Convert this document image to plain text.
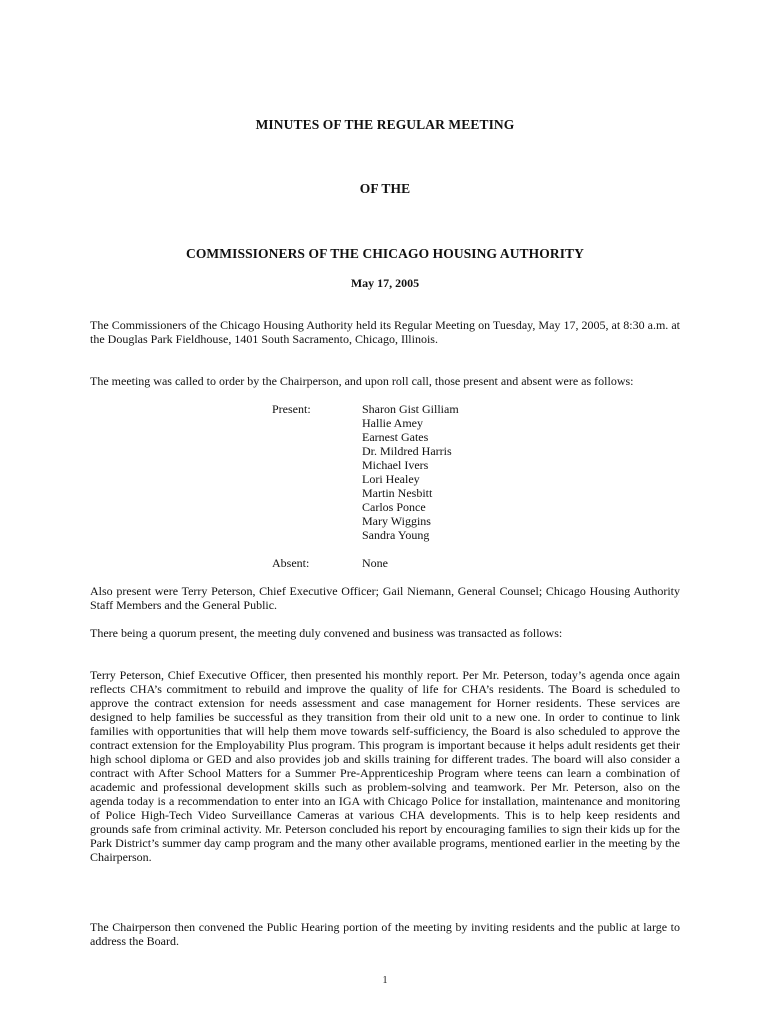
MINUTES OF THE REGULAR MEETING
OF THE
COMMISSIONERS OF THE CHICAGO HOUSING AUTHORITY
May 17, 2005
The Commissioners of the Chicago Housing Authority held its Regular Meeting on Tuesday, May 17, 2005, at 8:30 a.m. at the Douglas Park Fieldhouse, 1401 South Sacramento, Chicago, Illinois.
The meeting was called to order by the Chairperson, and upon roll call, those present and absent were as follows:
Present:	Sharon Gist Gilliam
Hallie Amey
Earnest Gates
Dr. Mildred Harris
Michael Ivers
Lori Healey
Martin Nesbitt
Carlos Ponce
Mary Wiggins
Sandra Young
Absent:	None
Also present were Terry Peterson, Chief Executive Officer; Gail Niemann, General Counsel; Chicago Housing Authority Staff Members and the General Public.
There being a quorum present, the meeting duly convened and business was transacted as follows:
Terry Peterson, Chief Executive Officer, then presented his monthly report. Per Mr. Peterson, today’s agenda once again reflects CHA’s commitment to rebuild and improve the quality of life for CHA’s residents. The Board is scheduled to approve the contract extension for needs assessment and case management for Horner residents. These services are designed to help families be successful as they transition from their old unit to a new one. In order to continue to link families with opportunities that will help them move towards self-sufficiency, the Board is also scheduled to approve the contract extension for the Employability Plus program. This program is important because it helps adult residents get their high school diploma or GED and also provides job and skills training for different trades. The board will also consider a contract with After School Matters for a Summer Pre-Apprenticeship Program where teens can learn a combination of academic and professional development skills such as problem-solving and teamwork. Per Mr. Peterson, also on the agenda today is a recommendation to enter into an IGA with Chicago Police for installation, maintenance and monitoring of Police High-Tech Video Surveillance Cameras at various CHA developments. This is to help keep residents and grounds safe from criminal activity. Mr. Peterson concluded his report by encouraging families to sign their kids up for the Park District’s summer day camp program and the many other available programs, mentioned earlier in the meeting by the Chairperson.
The Chairperson then convened the Public Hearing portion of the meeting by inviting residents and the public at large to address the Board.
1
